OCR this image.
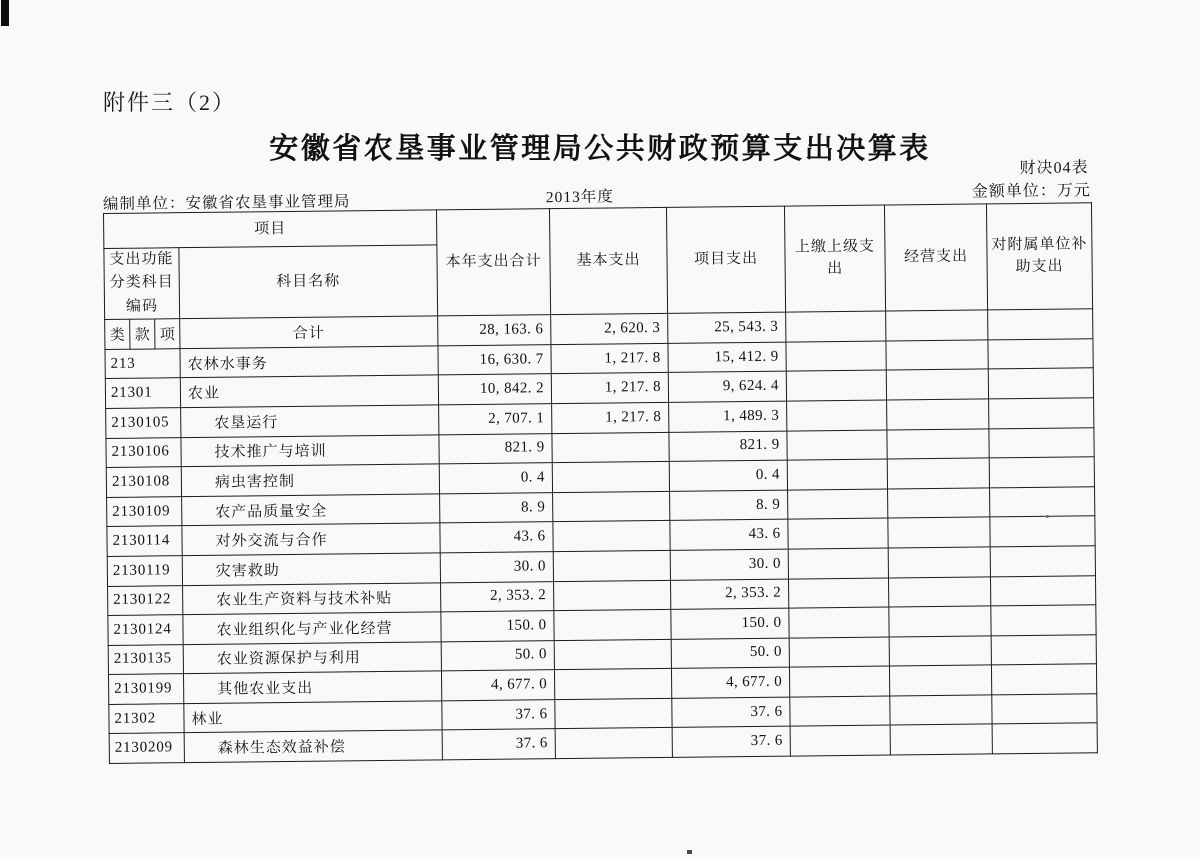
附件三（2）
安徽省农垦事业管理局公共财政预算支出决算表
财决04表
金额单位：万元
编制单位：安徽省农垦事业管理局	2013年度
项目				本年支出合计	基本支出	项目支出	上缴上级支出	经营支出	对附属单位补助支出
支出功能分类科目编码			科目名称						
类	款	项	合计	28, 163. 6	2, 620. 3	25, 543. 3			
213			农林水事务	16, 630. 7	1, 217. 8	15, 412. 9			
21301			农业	10, 842. 2	1, 217. 8	9, 624. 4			
2130105			农垦运行	2, 707. 1	1, 217. 8	1, 489. 3			
2130106			技术推广与培训	821. 9		821. 9			
2130108			病虫害控制	0. 4		0. 4			
2130109			农产品质量安全	8. 9		8. 9			
2130114			对外交流与合作	43. 6		43. 6			
2130119			灾害救助	30. 0		30. 0			
2130122			农业生产资料与技术补贴	2, 353. 2		2, 353. 2			
2130124			农业组织化与产业化经营	150. 0		150. 0			
2130135			农业资源保护与利用	50. 0		50. 0			
2130199			其他农业支出	4, 677. 0		4, 677. 0			
21302			林业	37. 6		37. 6			
2130209			森林生态效益补偿	37. 6		37. 6			
